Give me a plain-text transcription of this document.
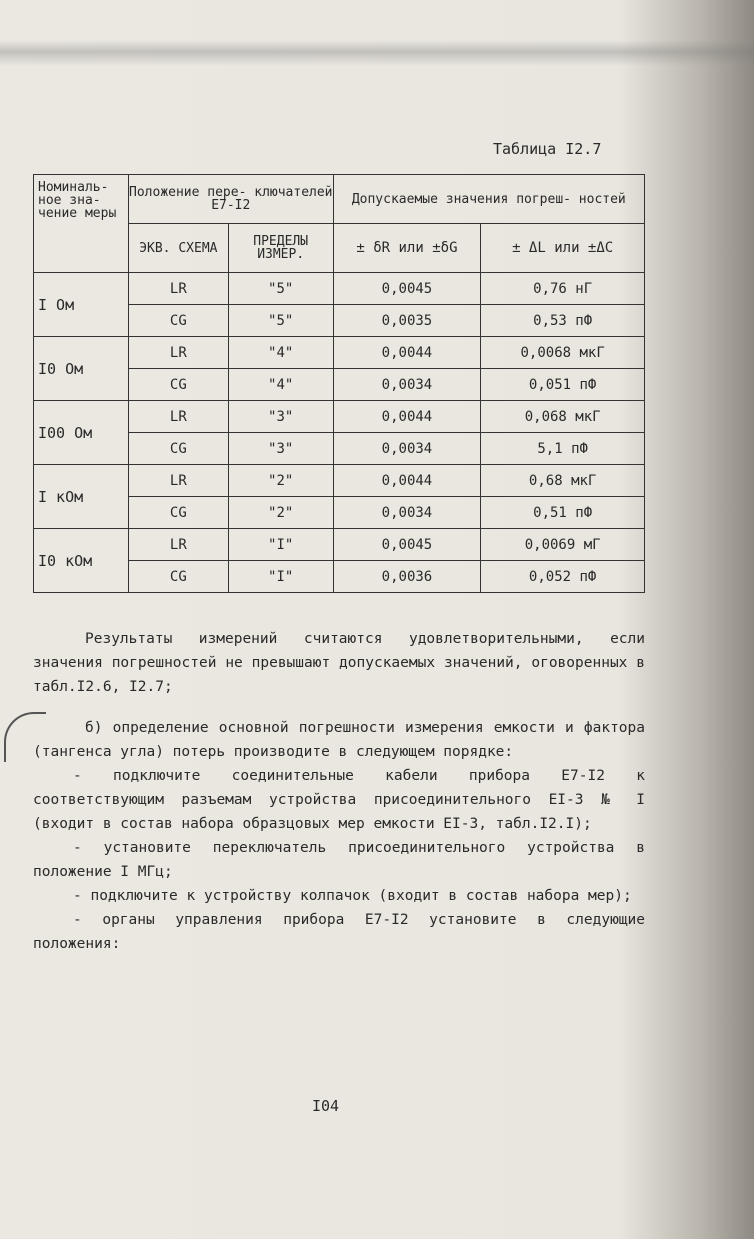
Таблица I2.7
Номиналь- ное зна- чение меры	Положение пере- ключателей Е7-I2		Допускаемые значения погреш- ностей	
	ЭКВ. СХЕМА	ПРЕДЕЛЫ ИЗМЕР.	± δR или ±δG	± ΔL или ±ΔC
I Ом	LR	"5"	0,0045	0,76 нГ
	CG	"5"	0,0035	0,53 пФ
I0 Ом	LR	"4"	0,0044	0,0068 мкГ
	CG	"4"	0,0034	0,051 пФ
I00 Ом	LR	"3"	0,0044	0,068 мкГ
	CG	"3"	0,0034	5,1 пФ
I кОм	LR	"2"	0,0044	0,68 мкГ
	CG	"2"	0,0034	0,51 пФ
I0 кОм	LR	"I"	0,0045	0,0069 мГ
	CG	"I"	0,0036	0,052 пФ

Результаты измерений считаются удовлетворительными, если значения погрешностей не превышают допускаемых значений, оговоренных в табл.I2.6, I2.7;

б) определение основной погрешности измерения емкости и фактора (тангенса угла) потерь производите в следующем порядке:

- подключите соединительные кабели прибора Е7-I2 к соответствующим разъемам устройства присоединительного ЕI-3 № I (входит в состав набора образцовых мер емкости ЕI-3, табл.I2.I);

- установите переключатель присоединительного устройства в положение I МГц;

- подключите к устройству колпачок (входит в состав набора мер);

- органы управления прибора Е7-I2 установите в следующие положения:

I04
